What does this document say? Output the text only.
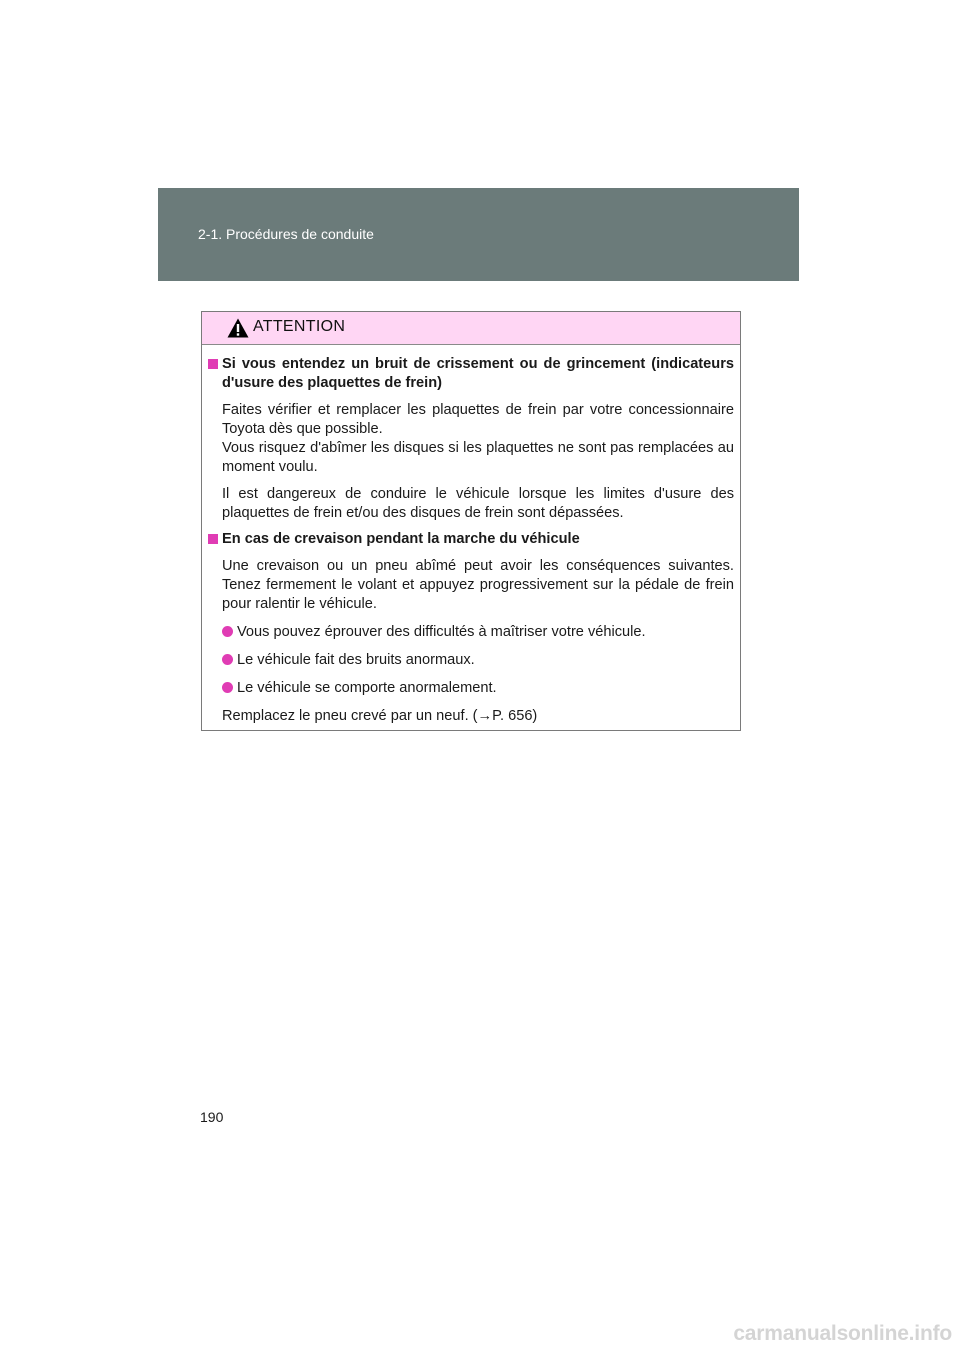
2-1. Procédures de conduite
ATTENTION
Si vous entendez un bruit de crissement ou de grincement (indicateurs d'usure des plaquettes de frein)
Faites vérifier et remplacer les plaquettes de frein par votre concessionnaire Toyota dès que possible.
Vous risquez d'abîmer les disques si les plaquettes ne sont pas remplacées au moment voulu.
Il est dangereux de conduire le véhicule lorsque les limites d'usure des plaquettes de frein et/ou des disques de frein sont dépassées.
En cas de crevaison pendant la marche du véhicule
Une crevaison ou un pneu abîmé peut avoir les conséquences suivantes. Tenez fermement le volant et appuyez progressivement sur la pédale de frein pour ralentir le véhicule.
Vous pouvez éprouver des difficultés à maîtriser votre véhicule.
Le véhicule fait des bruits anormaux.
Le véhicule se comporte anormalement.
Remplacez le pneu crevé par un neuf. (→P. 656)
190
carmanualsonline.info
